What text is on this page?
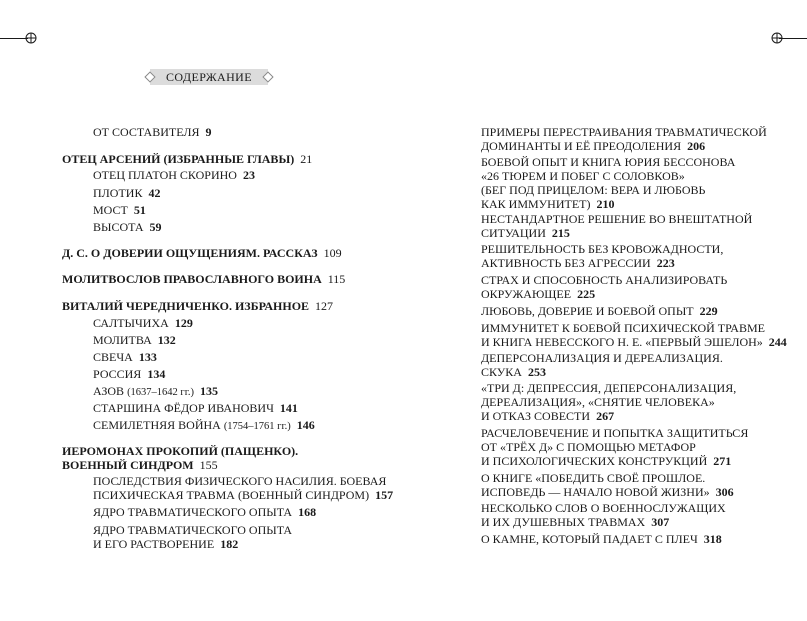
СОДЕРЖАНИЕ
ОТ СОСТАВИТЕЛЯ 9
ОТЕЦ АРСЕНИЙ (ИЗБРАННЫЕ ГЛАВЫ) 21
ОТЕЦ ПЛАТОН СКОРИНО 23
ПЛОТИК 42
МОСТ 51
ВЫСОТА 59
Д. С. О ДОВЕРИИ ОЩУЩЕНИЯМ. РАССКАЗ 109
МОЛИТВОСЛОВ ПРАВОСЛАВНОГО ВОИНА 115
ВИТАЛИЙ ЧЕРЕДНИЧЕНКО. ИЗБРАННОЕ 127
САЛТЫЧИХА 129
МОЛИТВА 132
СВЕЧА 133
РОССИЯ 134
АЗОВ (1637–1642 гг.) 135
СТАРШИНА ФЁДОР ИВАНОВИЧ 141
СЕМИЛЕТНЯЯ ВОЙНА (1754–1761 гг.) 146
ИЕРОМОНАХ ПРОКОПИЙ (ПАЩЕНКО).
ВОЕННЫЙ СИНДРОМ 155
ПОСЛЕДСТВИЯ ФИЗИЧЕСКОГО НАСИЛИЯ. БОЕВАЯ
ПСИХИЧЕСКАЯ ТРАВМА (ВОЕННЫЙ СИНДРОМ) 157
ЯДРО ТРАВМАТИЧЕСКОГО ОПЫТА 168
ЯДРО ТРАВМАТИЧЕСКОГО ОПЫТА
И ЕГО РАСТВОРЕНИЕ 182
ПРИМЕРЫ ПЕРЕСТРАИВАНИЯ ТРАВМАТИЧЕСКОЙ
ДОМИНАНТЫ И ЕЁ ПРЕОДОЛЕНИЯ 206
БОЕВОЙ ОПЫТ И КНИГА ЮРИЯ БЕССОНОВА
«26 ТЮРЕМ И ПОБЕГ С СОЛОВКОВ»
(БЕГ ПОД ПРИЦЕЛОМ: ВЕРА И ЛЮБОВЬ
КАК ИММУНИТЕТ) 210
НЕСТАНДАРТНОЕ РЕШЕНИЕ ВО ВНЕШТАТНОЙ
СИТУАЦИИ 215
РЕШИТЕЛЬНОСТЬ БЕЗ КРОВОЖАДНОСТИ,
АКТИВНОСТЬ БЕЗ АГРЕССИИ 223
СТРАХ И СПОСОБНОСТЬ АНАЛИЗИРОВАТЬ
ОКРУЖАЮЩЕЕ 225
ЛЮБОВЬ, ДОВЕРИЕ И БОЕВОЙ ОПЫТ 229
ИММУНИТЕТ К БОЕВОЙ ПСИХИЧЕСКОЙ ТРАВМЕ
И КНИГА НЕВЕССКОГО Н. Е. «ПЕРВЫЙ ЭШЕЛОН» 244
ДЕПЕРСОНАЛИЗАЦИЯ И ДЕРЕАЛИЗАЦИЯ.
СКУКА 253
«ТРИ Д: ДЕПРЕССИЯ, ДЕПЕРСОНАЛИЗАЦИЯ,
ДЕРЕАЛИЗАЦИЯ», «СНЯТИЕ ЧЕЛОВЕКА»
И ОТКАЗ СОВЕСТИ 267
РАСЧЕЛОВЕЧЕНИЕ И ПОПЫТКА ЗАЩИТИТЬСЯ
ОТ «ТРЁХ Д» С ПОМОЩЬЮ МЕТАФОР
И ПСИХОЛОГИЧЕСКИХ КОНСТРУКЦИЙ 271
О КНИГЕ «ПОБЕДИТЬ СВОЁ ПРОШЛОЕ.
ИСПОВЕДЬ — НАЧАЛО НОВОЙ ЖИЗНИ» 306
НЕСКОЛЬКО СЛОВ О ВОЕННОСЛУЖАЩИХ
И ИХ ДУШЕВНЫХ ТРАВМАХ 307
О КАМНЕ, КОТОРЫЙ ПАДАЕТ С ПЛЕЧ 318
